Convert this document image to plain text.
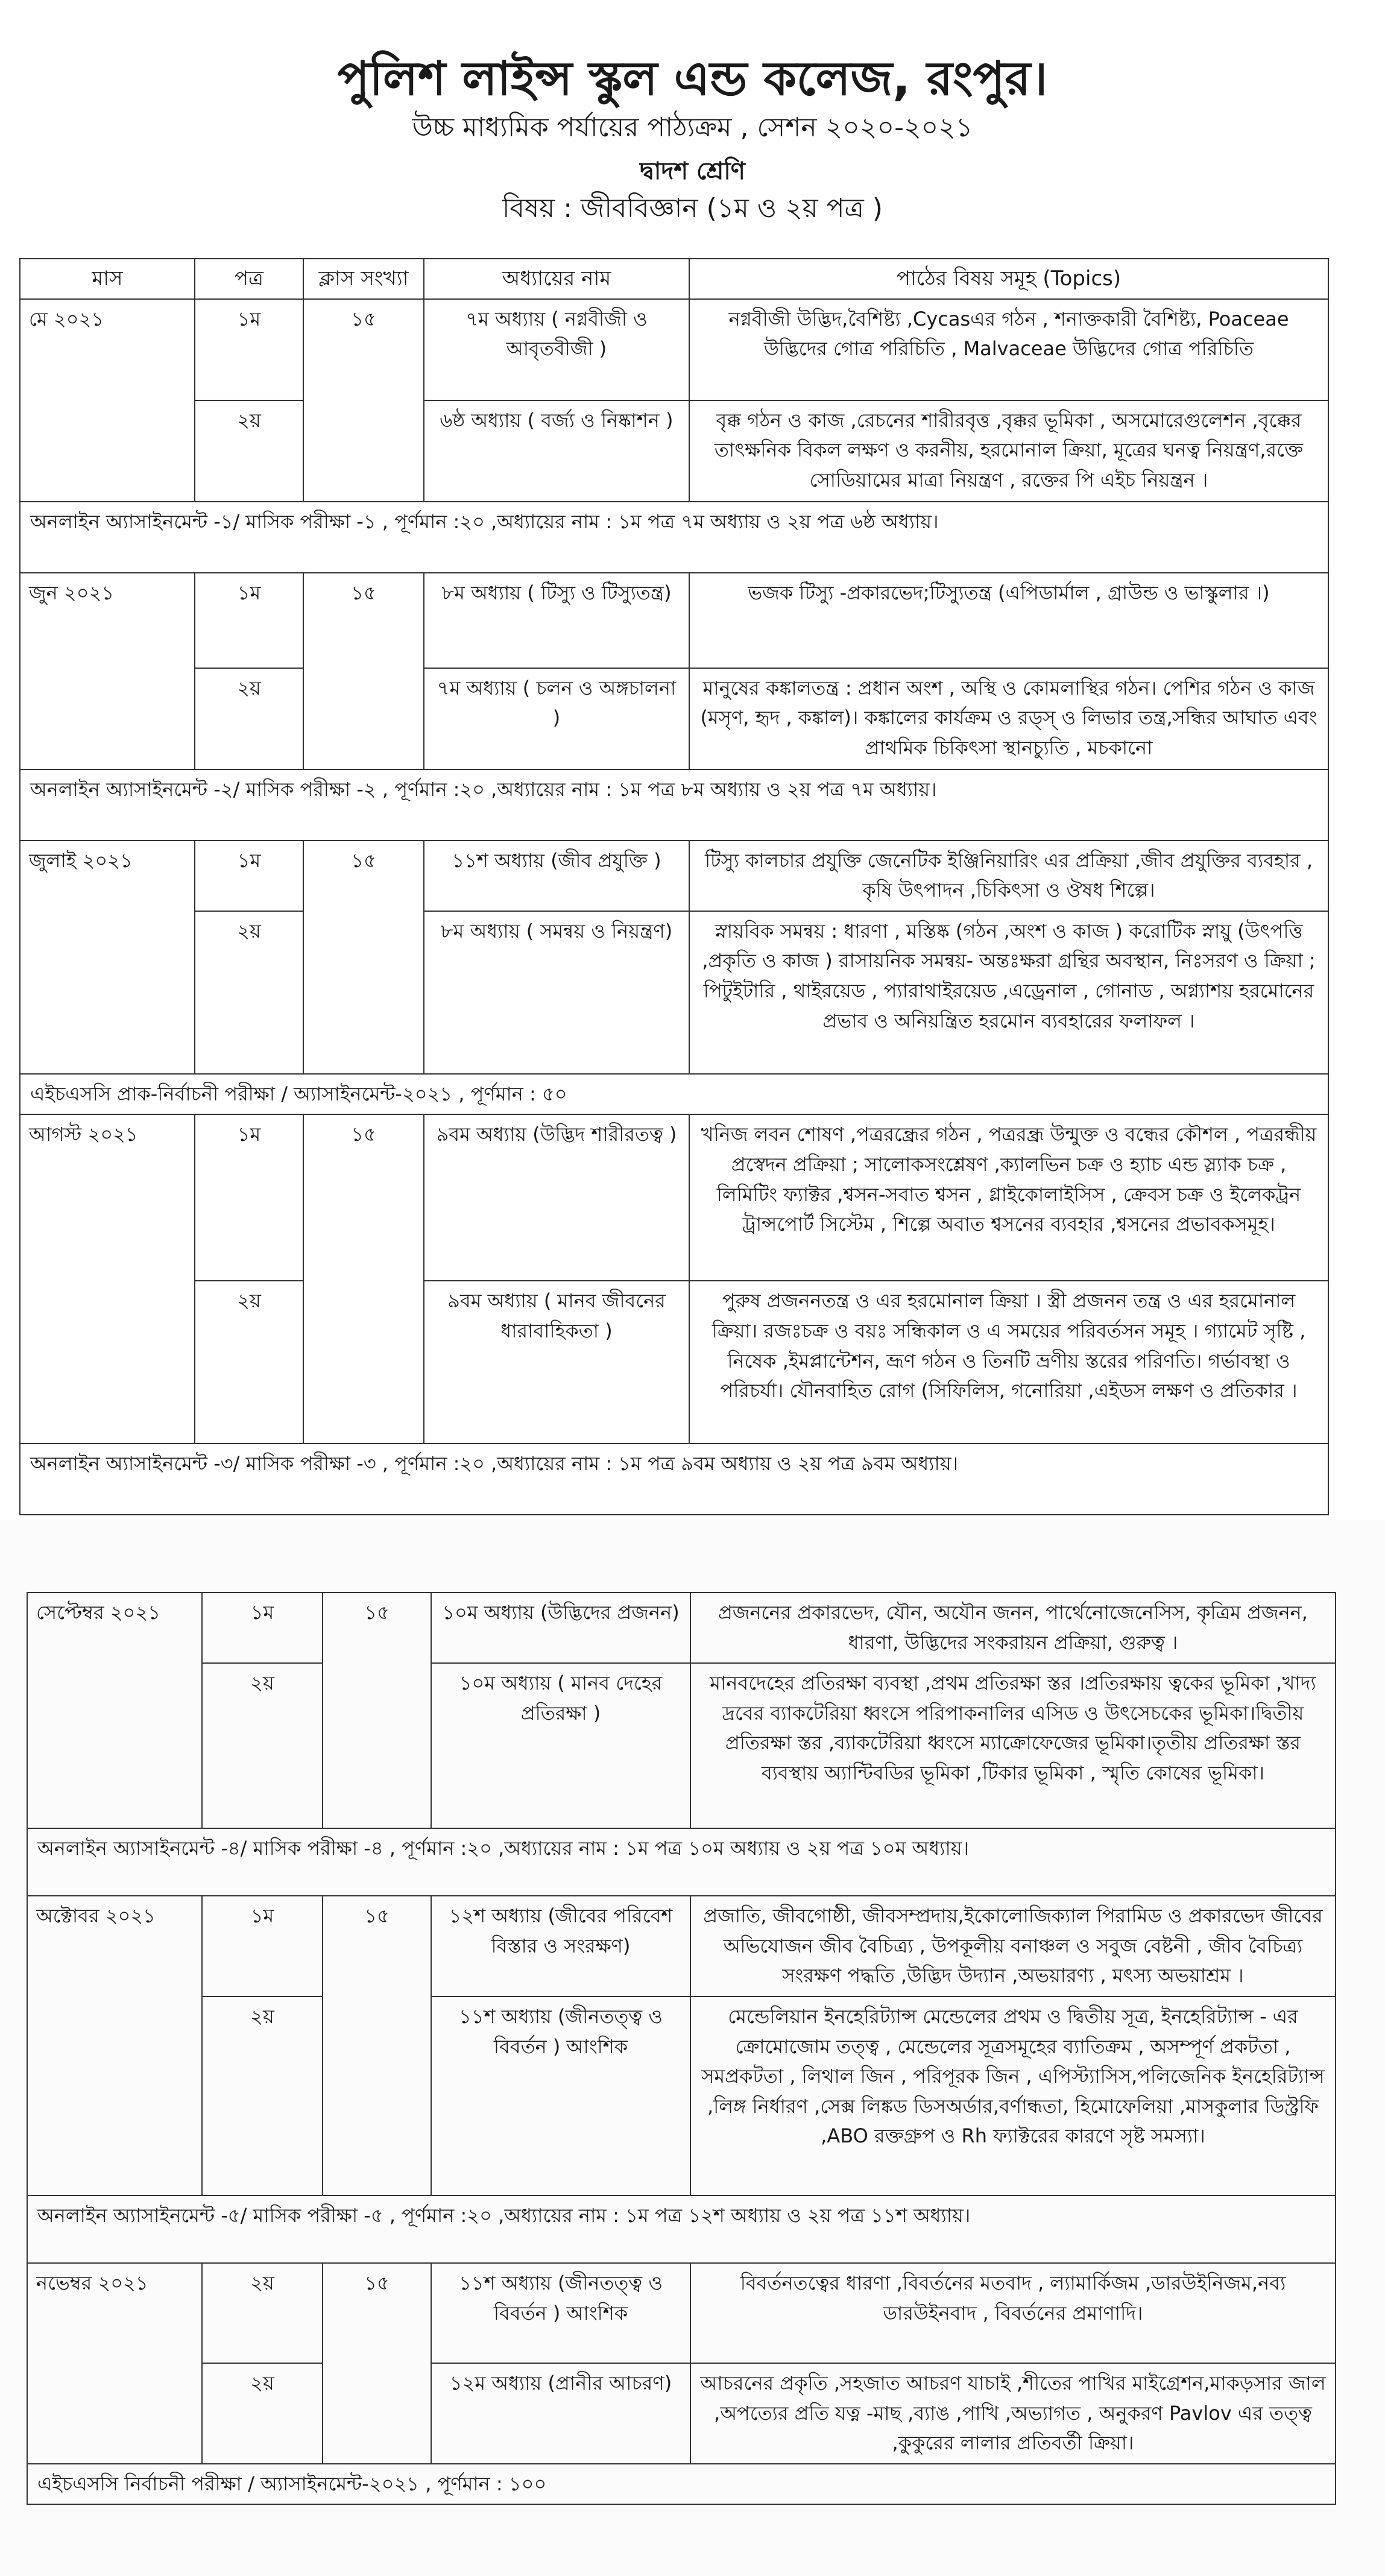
পুলিশ লাইন্স স্কুল এন্ড কলেজ, রংপুর।
উচ্চ মাধ্যমিক পর্যায়ের পাঠ্যক্রম , সেশন ২০২০-২০২১
দ্বাদশ শ্রেণি
বিষয় : জীববিজ্ঞান (১ম ও ২য় পত্র )
মাস	পত্র	ক্লাস সংখ্যা	অধ্যায়ের নাম	পাঠের বিষয় সমূহ (Topics)
মে ২০২১	১ম	১৫	৭ম অধ্যায় ( নগ্নবীজী ও আবৃতবীজী )	নগ্নবীজী উদ্ভিদ,বৈশিষ্ট্য ,Cycasএর গঠন , শনাক্তকারী বৈশিষ্ট্য, Poaceae উদ্ভিদের গোত্র পরিচিতি , Malvaceae উদ্ভিদের গোত্র পরিচিতি
	২য়		৬ষ্ঠ অধ্যায় ( বর্জ্য ও নিষ্কাশন )	বৃক্ক গঠন ও কাজ ,রেচনের শারীরবৃত্ত ,বৃক্কর ভূমিকা , অসমোরেগুলেশন ,বৃক্কের তাৎক্ষনিক বিকল লক্ষণ ও করনীয়, হরমোনাল ক্রিয়া, মূত্রের ঘনত্ব নিয়ন্ত্রণ,রক্তে সোডিয়ামের মাত্রা নিয়ন্ত্রণ , রক্তের পি এইচ নিয়ন্ত্রন ।
অনলাইন অ্যাসাইনমেন্ট -১/ মাসিক পরীক্ষা -১ , পূর্ণমান :২০ ,অধ্যায়ের নাম : ১ম পত্র ৭ম অধ্যায় ও ২য় পত্র ৬ষ্ঠ অধ্যায়।				
জুন ২০২১	১ম	১৫	৮ম অধ্যায় ( টিস্যু ও টিস্যুতন্ত্র)	ভজক টিস্যু -প্রকারভেদ;টিস্যুতন্ত্র (এপিডার্মাল , গ্রাউন্ড ও ভাস্কুলার ।)
	২য়		৭ম অধ্যায় ( চলন ও অঙ্গচালনা )	মানুষের কঙ্কালতন্ত্র : প্রধান অংশ , অস্থি ও কোমলাস্থির গঠন। পেশির গঠন ও কাজ (মসৃণ, হৃদ , কঙ্কাল)। কঙ্কালের কার্যক্রম ও রড্স্ ও লিভার তন্ত্র,সন্ধির আঘাত এবং প্রাথমিক চিকিৎসা স্থানচ্যুতি , মচকানো
অনলাইন অ্যাসাইনমেন্ট -২/ মাসিক পরীক্ষা -২ , পূর্ণমান :২০ ,অধ্যায়ের নাম : ১ম পত্র ৮ম অধ্যায় ও ২য় পত্র ৭ম অধ্যায়।				
জুলাই ২০২১	১ম	১৫	১১শ অধ্যায় (জীব প্রযুক্তি )	টিস্যু কালচার প্রযুক্তি জেনেটিক ইঞ্জিনিয়ারিং এর প্রক্রিয়া ,জীব প্রযুক্তির ব্যবহার , কৃষি উৎপাদন ,চিকিৎসা ও ঔষধ শিল্পে।
	২য়		৮ম অধ্যায় ( সমন্বয় ও নিয়ন্ত্রণ)	স্নায়বিক সমন্বয় : ধারণা , মস্তিষ্ক (গঠন ,অংশ ও কাজ ) করোটিক স্নায়ু (উৎপত্তি ,প্রকৃতি ও কাজ ) রাসায়নিক সমন্বয়- অন্তঃক্ষরা গ্রন্থির অবস্থান, নিঃসরণ ও ক্রিয়া ; পিটুইটারি , থাইরয়েড , প্যারাথাইরয়েড ,এড্রেনাল , গোনাড , অগ্ন্যাশয় হরমোনের প্রভাব ও অনিয়ন্ত্রিত হরমোন ব্যবহারের ফলাফল ।
এইচএসসি প্রাক-নির্বাচনী পরীক্ষা / অ্যাসাইনমেন্ট-২০২১ , পূর্ণমান : ৫০				
আগস্ট ২০২১	১ম	১৫	৯বম অধ্যায় (উদ্ভিদ শারীরতত্ব )	খনিজ লবন শোষণ ,পত্ররন্ধ্রের গঠন , পত্ররন্ধ্র উন্মুক্ত ও বন্ধের কৌশল , পত্ররন্ধীয় প্রস্বেদন প্রক্রিয়া ; সালোকসংশ্লেষণ ,ক্যালভিন চক্র ও হ্যাচ এন্ড স্ল্যাক চক্র , লিমিটিং ফ্যাক্টর ,শ্বসন-সবাত শ্বসন , গ্লাইকোলাইসিস , ক্রেবস চক্র ও ইলেকট্রন ট্রান্সপোর্ট সিস্টেম , শিল্পে অবাত শ্বসনের ব্যবহার ,শ্বসনের প্রভাবকসমূহ।
	২য়		৯বম অধ্যায় ( মানব জীবনের ধারাবাহিকতা )	পুরুষ প্রজননতন্ত্র ও এর হরমোনাল ক্রিয়া । স্ত্রী প্রজনন তন্ত্র ও এর হরমোনাল ক্রিয়া। রজঃচক্র ও বয়ঃ সন্ধিকাল ও এ সময়ের পরিবর্তসন সমূহ । গ্যামেট সৃষ্টি , নিষেক ,ইমপ্লান্টেশন, ভ্রূণ গঠন ও তিনটি ভ্রণীয় স্তরের পরিণতি। গর্ভাবস্থা ও পরিচর্যা। যৌনবাহিত রোগ (সিফিলিস, গনোরিয়া ,এইডস লক্ষণ ও প্রতিকার ।
অনলাইন অ্যাসাইনমেন্ট -৩/ মাসিক পরীক্ষা -৩ , পূর্ণমান :২০ ,অধ্যায়ের নাম : ১ম পত্র ৯বম অধ্যায় ও ২য় পত্র ৯বম অধ্যায়।				
সেপ্টেম্বর ২০২১	১ম	১৫	১০ম অধ্যায় (উদ্ভিদের প্রজনন)	প্রজননের প্রকারভেদ, যৌন, অযৌন জনন, পার্থেনোজেনেসিস, কৃত্রিম প্রজনন, ধারণা, উদ্ভিদের সংকরায়ন প্রক্রিয়া, গুরুত্ব ।
	২য়		১০ম অধ্যায় ( মানব দেহের প্রতিরক্ষা )	মানবদেহের প্রতিরক্ষা ব্যবস্থা ,প্রথম প্রতিরক্ষা স্তর ।প্রতিরক্ষায় ত্বকের ভূমিকা ,খাদ্য দ্রবের ব্যাকটেরিয়া ধ্বংসে পরিপাকনালির এসিড ও উৎসেচকের ভূমিকা।দ্বিতীয় প্রতিরক্ষা স্তর ,ব্যাকটেরিয়া ধ্বংসে ম্যাক্রোফেজের ভূমিকা।তৃতীয় প্রতিরক্ষা স্তর ব্যবস্থায় অ্যান্টিবডির ভূমিকা ,টিকার ভূমিকা , স্মৃতি কোষের ভূমিকা।
অনলাইন অ্যাসাইনমেন্ট -৪/ মাসিক পরীক্ষা -৪ , পূর্ণমান :২০ ,অধ্যায়ের নাম : ১ম পত্র ১০ম অধ্যায় ও ২য় পত্র ১০ম অধ্যায়।				
অক্টোবর ২০২১	১ম	১৫	১২শ অধ্যায় (জীবের পরিবেশ বিস্তার ও সংরক্ষণ)	প্রজাতি, জীবগোষ্ঠী, জীবসম্প্রদায়,ইকোলোজিক্যাল পিরামিড ও প্রকারভেদ জীবের অভিযোজন জীব বৈচিত্র্য , উপকূলীয় বনাঞ্চল ও সবুজ বেষ্টনী , জীব বৈচিত্র্য সংরক্ষণ পদ্ধতি ,উদ্ভিদ উদ্যান ,অভয়ারণ্য , মৎস্য অভয়াশ্রম ।
	২য়		১১শ অধ্যায় (জীনতত্ত্ব ও বিবর্তন ) আংশিক	মেন্ডেলিয়ান ইনহেরিট্যান্স মেন্ডেলের প্রথম ও দ্বিতীয় সূত্র, ইনহেরিট্যান্স - এর ক্রোমোজোম তত্ত্ব , মেন্ডেলের সূত্রসমূহের ব্যাতিক্রম , অসম্পূর্ণ প্রকটতা , সমপ্রকটতা , লিথাল জিন , পরিপূরক জিন , এপিস্ট্যাসিস,পলিজেনিক ইনহেরিট্যান্স ,লিঙ্গ নির্ধারণ ,সেক্স লিঙ্কড ডিসঅর্ডার,বর্ণান্ধতা, হিমোফেলিয়া ,মাসকুলার ডিস্ট্রফি ,ABO রক্তগ্রুপ ও Rh ফ্যাক্টরের কারণে সৃষ্ট সমস্যা।
অনলাইন অ্যাসাইনমেন্ট -৫/ মাসিক পরীক্ষা -৫ , পূর্ণমান :২০ ,অধ্যায়ের নাম : ১ম পত্র ১২শ অধ্যায় ও ২য় পত্র ১১শ অধ্যায়।				
নভেম্বর ২০২১	২য়	১৫	১১শ অধ্যায় (জীনতত্ত্ব ও বিবর্তন ) আংশিক	বিবর্তনতত্বের ধারণা ,বিবর্তনের মতবাদ , ল্যামার্কিজম ,ডারউইনিজম,নব্য ডারউইনবাদ , বিবর্তনের প্রমাণাদি।
	২য়		১২ম অধ্যায় (প্রানীর আচরণ)	আচরনের প্রকৃতি ,সহজাত আচরণ যাচাই ,শীতের পাখির মাইগ্রেশন,মাকড়সার জাল ,অপত্যের প্রতি যত্ন -মাছ ,ব্যাঙ ,পাখি ,অভ্যাগত , অনুকরণ Pavlov এর তত্ত্ব ,কুকুরের লালার প্রতিবর্তী ক্রিয়া।
এইচএসসি নির্বাচনী পরীক্ষা / অ্যাসাইনমেন্ট-২০২১ , পূর্ণমান : ১০০				
